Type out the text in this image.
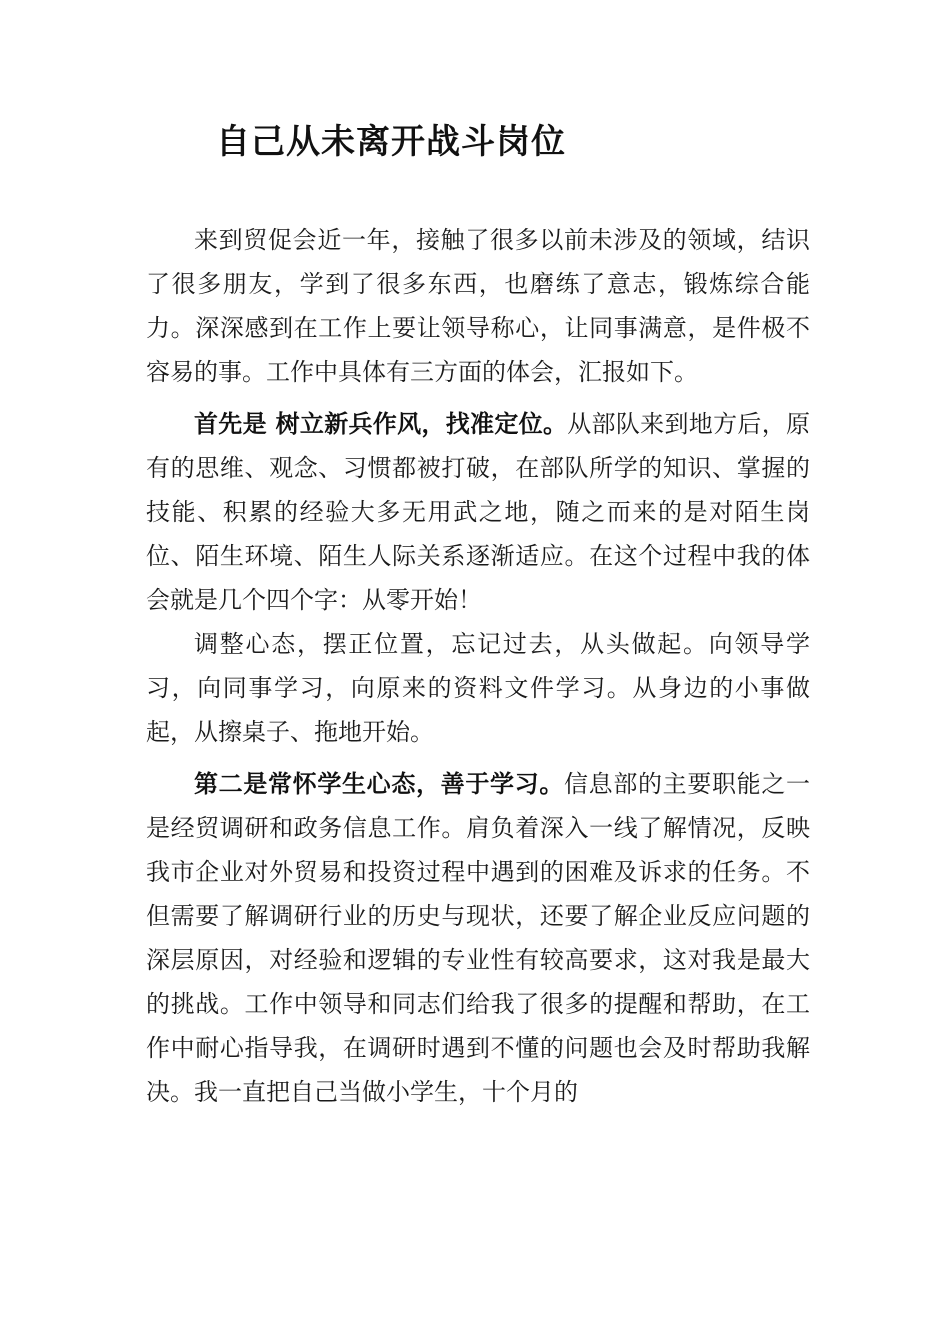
自己从未离开战斗岗位

来到贸促会近一年，接触了很多以前未涉及的领域，结识了很多朋友，学到了很多东西，也磨练了意志，锻炼综合能力。深深感到在工作上要让领导称心，让同事满意，是件极不容易的事。工作中具体有三方面的体会，汇报如下。

首先是 树立新兵作风，找准定位。从部队来到地方后，原有的思维、观念、习惯都被打破，在部队所学的知识、掌握的技能、积累的经验大多无用武之地，随之而来的是对陌生岗位、陌生环境、陌生人际关系逐渐适应。在这个过程中我的体会就是几个四个字：从零开始！

调整心态，摆正位置，忘记过去，从头做起。向领导学习，向同事学习，向原来的资料文件学习。从身边的小事做起，从擦桌子、拖地开始。

第二是常怀学生心态，善于学习。信息部的主要职能之一是经贸调研和政务信息工作。肩负着深入一线了解情况，反映我市企业对外贸易和投资过程中遇到的困难及诉求的任务。不但需要了解调研行业的历史与现状，还要了解企业反应问题的深层原因，对经验和逻辑的专业性有较高要求，这对我是最大的挑战。工作中领导和同志们给我了很多的提醒和帮助，在工作中耐心指导我，在调研时遇到不懂的问题也会及时帮助我解决。我一直把自己当做小学生，十个月的
